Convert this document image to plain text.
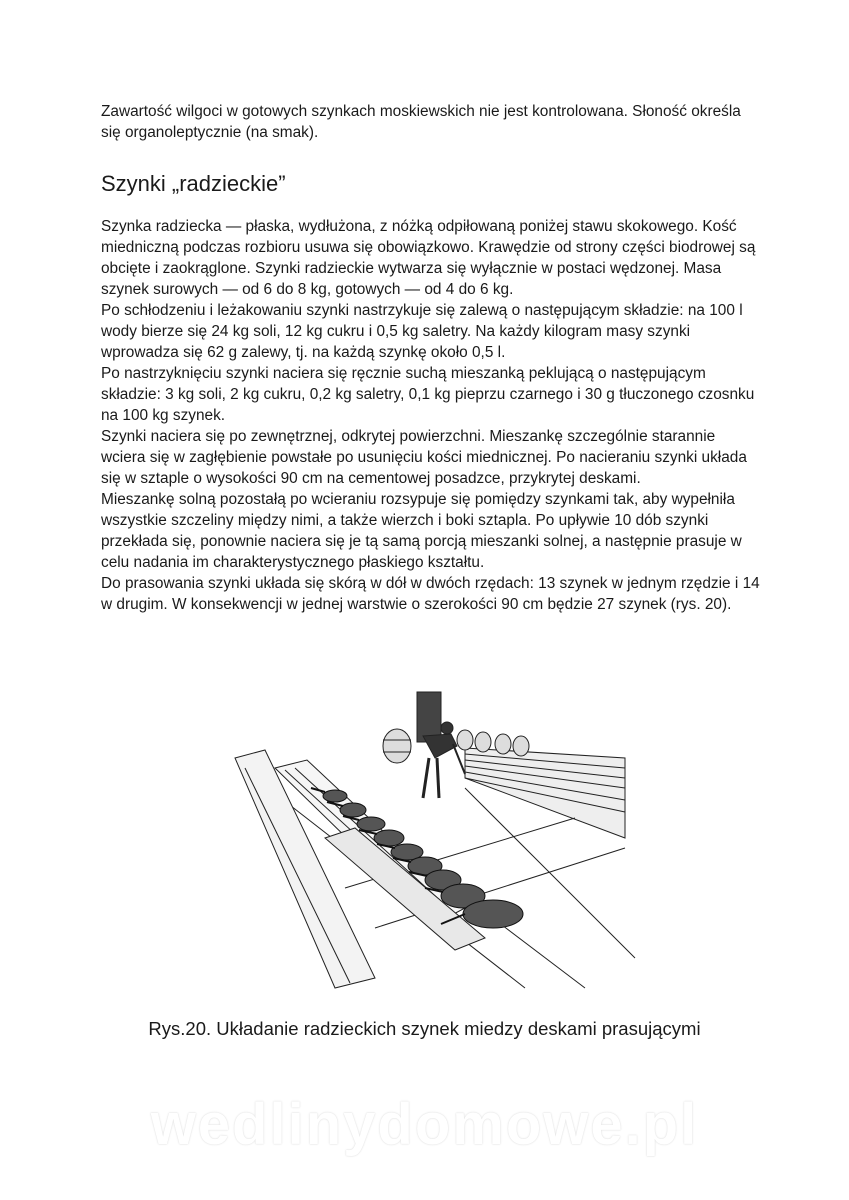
Zawartość wilgoci w gotowych szynkach moskiewskich nie jest kontrolowana. Słoność określa się organoleptycznie (na smak).

Szynki „radzieckie”

Szynka radziecka — płaska, wydłużona, z nóżką odpiłowaną poniżej stawu skokowego. Kość miedniczną podczas rozbioru usuwa się obowiązkowo. Krawędzie od strony części biodrowej są obcięte i zaokrąglone. Szynki radzieckie wytwarza się wyłącznie w postaci wędzonej. Masa szynek surowych — od 6 do 8 kg, gotowych — od 4 do 6 kg.

Po schłodzeniu i leżakowaniu szynki nastrzykuje się zalewą o następującym składzie: na 100 l wody bierze się 24 kg soli, 12 kg cukru i 0,5 kg saletry. Na każdy kilogram masy szynki wprowadza się 62 g zalewy, tj. na każdą szynkę około 0,5 l.

Po nastrzyknięciu szynki naciera się ręcznie suchą mieszanką peklującą o następującym składzie: 3 kg soli, 2 kg cukru, 0,2 kg saletry, 0,1 kg pieprzu czarnego i 30 g tłuczonego czosnku na 100 kg szynek.

Szynki naciera się po zewnętrznej, odkrytej powierzchni. Mieszankę szczególnie starannie wciera się w zagłębienie powstałe po usunięciu kości miednicznej. Po nacieraniu szynki układa się w sztaple o wysokości 90 cm na cementowej posadzce, przykrytej deskami.

Mieszankę solną pozostałą po wcieraniu rozsypuje się pomiędzy szynkami tak, aby wypełniła wszystkie szczeliny między nimi, a także wierzch i boki sztapla. Po upływie 10 dób szynki przekłada się, ponownie naciera się je tą samą porcją mieszanki solnej, a następnie prasuje w celu nadania im charakterystycznego płaskiego kształtu.

Do prasowania szynki układa się skórą w dół w dwóch rzędach: 13 szynek w jednym rzędzie i 14 w drugim. W konsekwencji w jednej warstwie o szerokości 90 cm będzie 27 szynek (rys. 20).

Rys.20. Układanie radzieckich szynek miedzy deskami prasującymi
wedlinydomowe.pl
